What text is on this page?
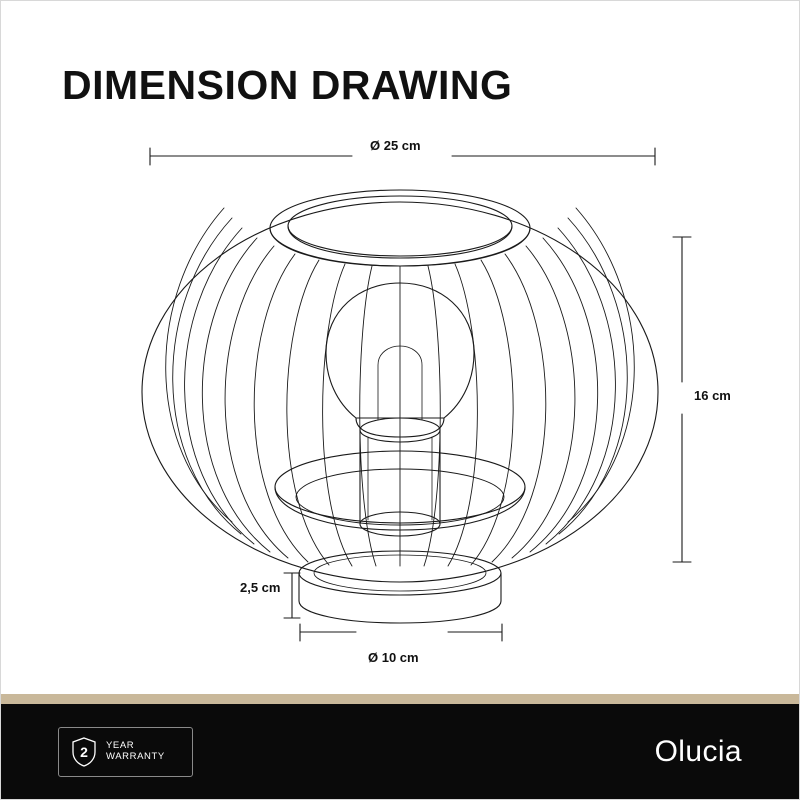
DIMENSION DRAWING
Ø 25 cm
16 cm
2,5 cm
Ø 10 cm
2	YEAR
WARRANTY	Olucia
